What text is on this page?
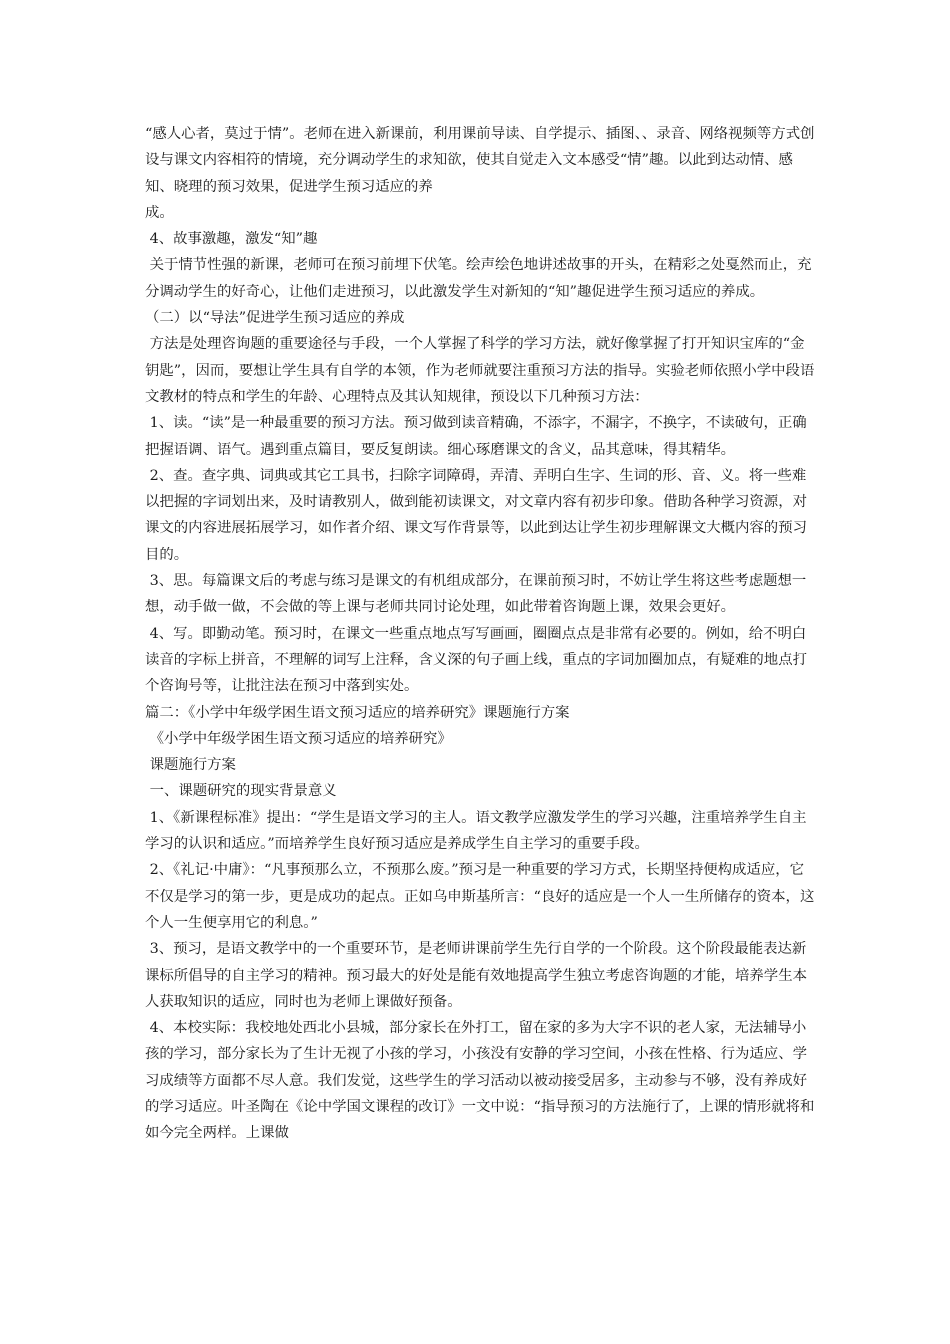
“感人心者，莫过于情”。老师在进入新课前，利用课前导读、自学提示、插图、、录音、网络视频等方式创设与课文内容相符的情境，充分调动学生的求知欲，使其自觉走入文本感受“情”趣。以此到达动情、感知、晓理的预习效果，促进学生预习适应的养

成。

4、故事激趣，激发“知”趣

关于情节性强的新课，老师可在预习前埋下伏笔。绘声绘色地讲述故事的开头，在精彩之处戛然而止，充分调动学生的好奇心，让他们走进预习，以此激发学生对新知的“知”趣促进学生预习适应的养成。

（二）以“导法”促进学生预习适应的养成

方法是处理咨询题的重要途径与手段，一个人掌握了科学的学习方法，就好像掌握了打开知识宝库的“金钥匙”，因而，要想让学生具有自学的本领，作为老师就要注重预习方法的指导。实验老师依照小学中段语文教材的特点和学生的年龄、心理特点及其认知规律，预设以下几种预习方法：

1、读。“读”是一种最重要的预习方法。预习做到读音精确，不添字，不漏字，不换字，不读破句，正确把握语调、语气。遇到重点篇目，要反复朗读。细心琢磨课文的含义，品其意味，得其精华。

2、查。查字典、词典或其它工具书，扫除字词障碍，弄清、弄明白生字、生词的形、音、义。将一些难以把握的字词划出来，及时请教别人，做到能初读课文，对文章内容有初步印象。借助各种学习资源，对课文的内容进展拓展学习，如作者介绍、课文写作背景等，以此到达让学生初步理解课文大概内容的预习目的。

3、思。每篇课文后的考虑与练习是课文的有机组成部分，在课前预习时，不妨让学生将这些考虑题想一想，动手做一做，不会做的等上课与老师共同讨论处理，如此带着咨询题上课，效果会更好。

4、写。即勤动笔。预习时，在课文一些重点地点写写画画，圈圈点点是非常有必要的。例如，给不明白读音的字标上拼音，不理解的词写上注释，含义深的句子画上线，重点的字词加圈加点，有疑难的地点打个咨询号等，让批注法在预习中落到实处。

篇二：《小学中年级学困生语文预习适应的培养研究》课题施行方案

《小学中年级学困生语文预习适应的培养研究》

课题施行方案

一、课题研究的现实背景意义

1、《新课程标准》提出：“学生是语文学习的主人。语文教学应激发学生的学习兴趣，注重培养学生自主学习的认识和适应。”而培养学生良好预习适应是养成学生自主学习的重要手段。

2、《礼记·中庸》：“凡事预那么立，不预那么废。”预习是一种重要的学习方式，长期坚持便构成适应，它不仅是学习的第一步，更是成功的起点。正如乌申斯基所言：“良好的适应是一个人一生所储存的资本，这个人一生便享用它的利息。”

3、预习，是语文教学中的一个重要环节，是老师讲课前学生先行自学的一个阶段。这个阶段最能表达新课标所倡导的自主学习的精神。预习最大的好处是能有效地提高学生独立考虑咨询题的才能，培养学生本人获取知识的适应，同时也为老师上课做好预备。

4、本校实际：我校地处西北小县城，部分家长在外打工，留在家的多为大字不识的老人家，无法辅导小孩的学习，部分家长为了生计无视了小孩的学习，小孩没有安静的学习空间，小孩在性格、行为适应、学习成绩等方面都不尽人意。我们发觉，这些学生的学习活动以被动接受居多，主动参与不够，没有养成好的学习适应。叶圣陶在《论中学国文课程的改订》一文中说：“指导预习的方法施行了，上课的情形就将和如今完全两样。上课做
